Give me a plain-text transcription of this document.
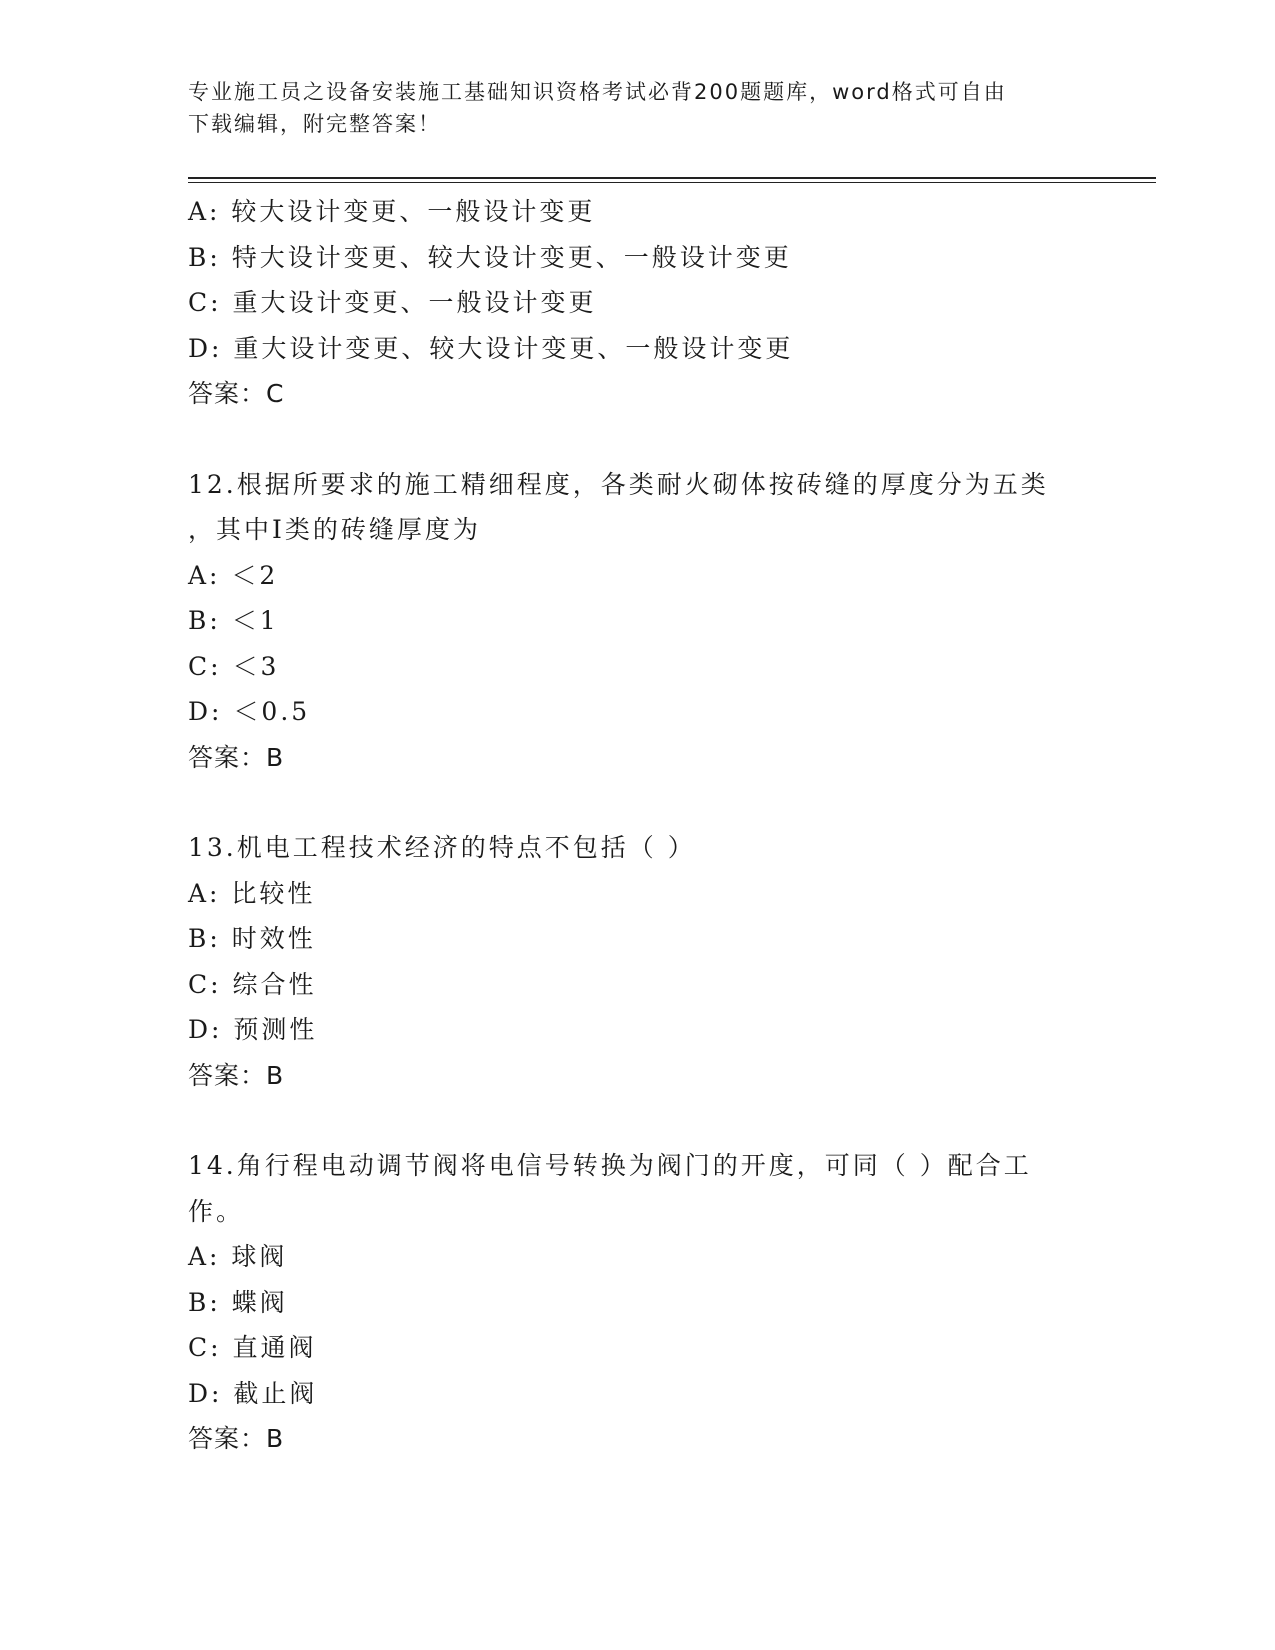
专业施工员之设备安装施工基础知识资格考试必背200题题库，word格式可自由
下载编辑，附完整答案！
A: 较大设计变更、一般设计变更
B: 特大设计变更、较大设计变更、一般设计变更
C: 重大设计变更、一般设计变更
D: 重大设计变更、较大设计变更、一般设计变更
答案：C
12.根据所要求的施工精细程度，各类耐火砌体按砖缝的厚度分为五类
，其中Ⅰ类的砖缝厚度为
A: ＜2
B: ＜1
C: ＜3
D: ＜0.5
答案：B
13.机电工程技术经济的特点不包括（ ）
A: 比较性
B: 时效性
C: 综合性
D: 预测性
答案：B
14.角行程电动调节阀将电信号转换为阀门的开度，可同（ ）配合工
作。
A: 球阀
B: 蝶阀
C: 直通阀
D: 截止阀
答案：B
